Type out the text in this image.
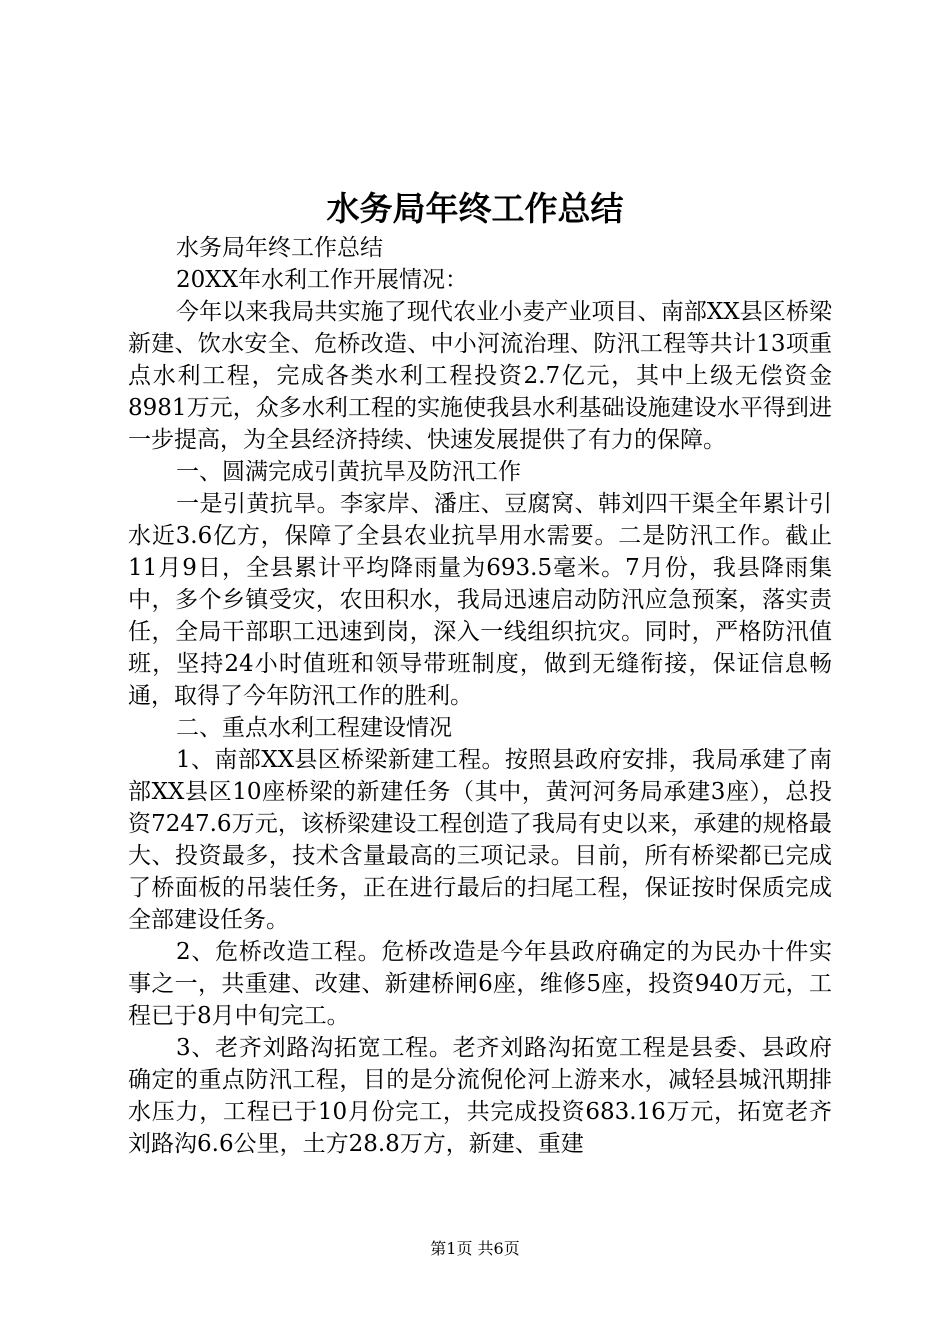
水务局年终工作总结

水务局年终工作总结

20XX年水利工作开展情况：

今年以来我局共实施了现代农业小麦产业项目、南部XX县区桥梁新建、饮水安全、危桥改造、中小河流治理、防汛工程等共计13项重点水利工程，完成各类水利工程投资2.7亿元，其中上级无偿资金8981万元，众多水利工程的实施使我县水利基础设施建设水平得到进一步提高，为全县经济持续、快速发展提供了有力的保障。

一、圆满完成引黄抗旱及防汛工作

一是引黄抗旱。李家岸、潘庄、豆腐窝、韩刘四干渠全年累计引水近3.6亿方，保障了全县农业抗旱用水需要。二是防汛工作。截止11月9日，全县累计平均降雨量为693.5毫米。7月份，我县降雨集中，多个乡镇受灾，农田积水，我局迅速启动防汛应急预案，落实责任，全局干部职工迅速到岗，深入一线组织抗灾。同时，严格防汛值班，坚持24小时值班和领导带班制度，做到无缝衔接，保证信息畅通，取得了今年防汛工作的胜利。

二、重点水利工程建设情况

1、南部XX县区桥梁新建工程。按照县政府安排，我局承建了南部XX县区10座桥梁的新建任务（其中，黄河河务局承建3座），总投资7247.6万元，该桥梁建设工程创造了我局有史以来，承建的规格最大、投资最多，技术含量最高的三项记录。目前，所有桥梁都已完成了桥面板的吊装任务，正在进行最后的扫尾工程，保证按时保质完成全部建设任务。

2、危桥改造工程。危桥改造是今年县政府确定的为民办十件实事之一，共重建、改建、新建桥闸6座，维修5座，投资940万元，工程已于8月中旬完工。

3、老齐刘路沟拓宽工程。老齐刘路沟拓宽工程是县委、县政府确定的重点防汛工程，目的是分流倪伦河上游来水，减轻县城汛期排水压力，工程已于10月份完工，共完成投资683.16万元，拓宽老齐刘路沟6.6公里，土方28.8万方，新建、重建

第1页 共6页
